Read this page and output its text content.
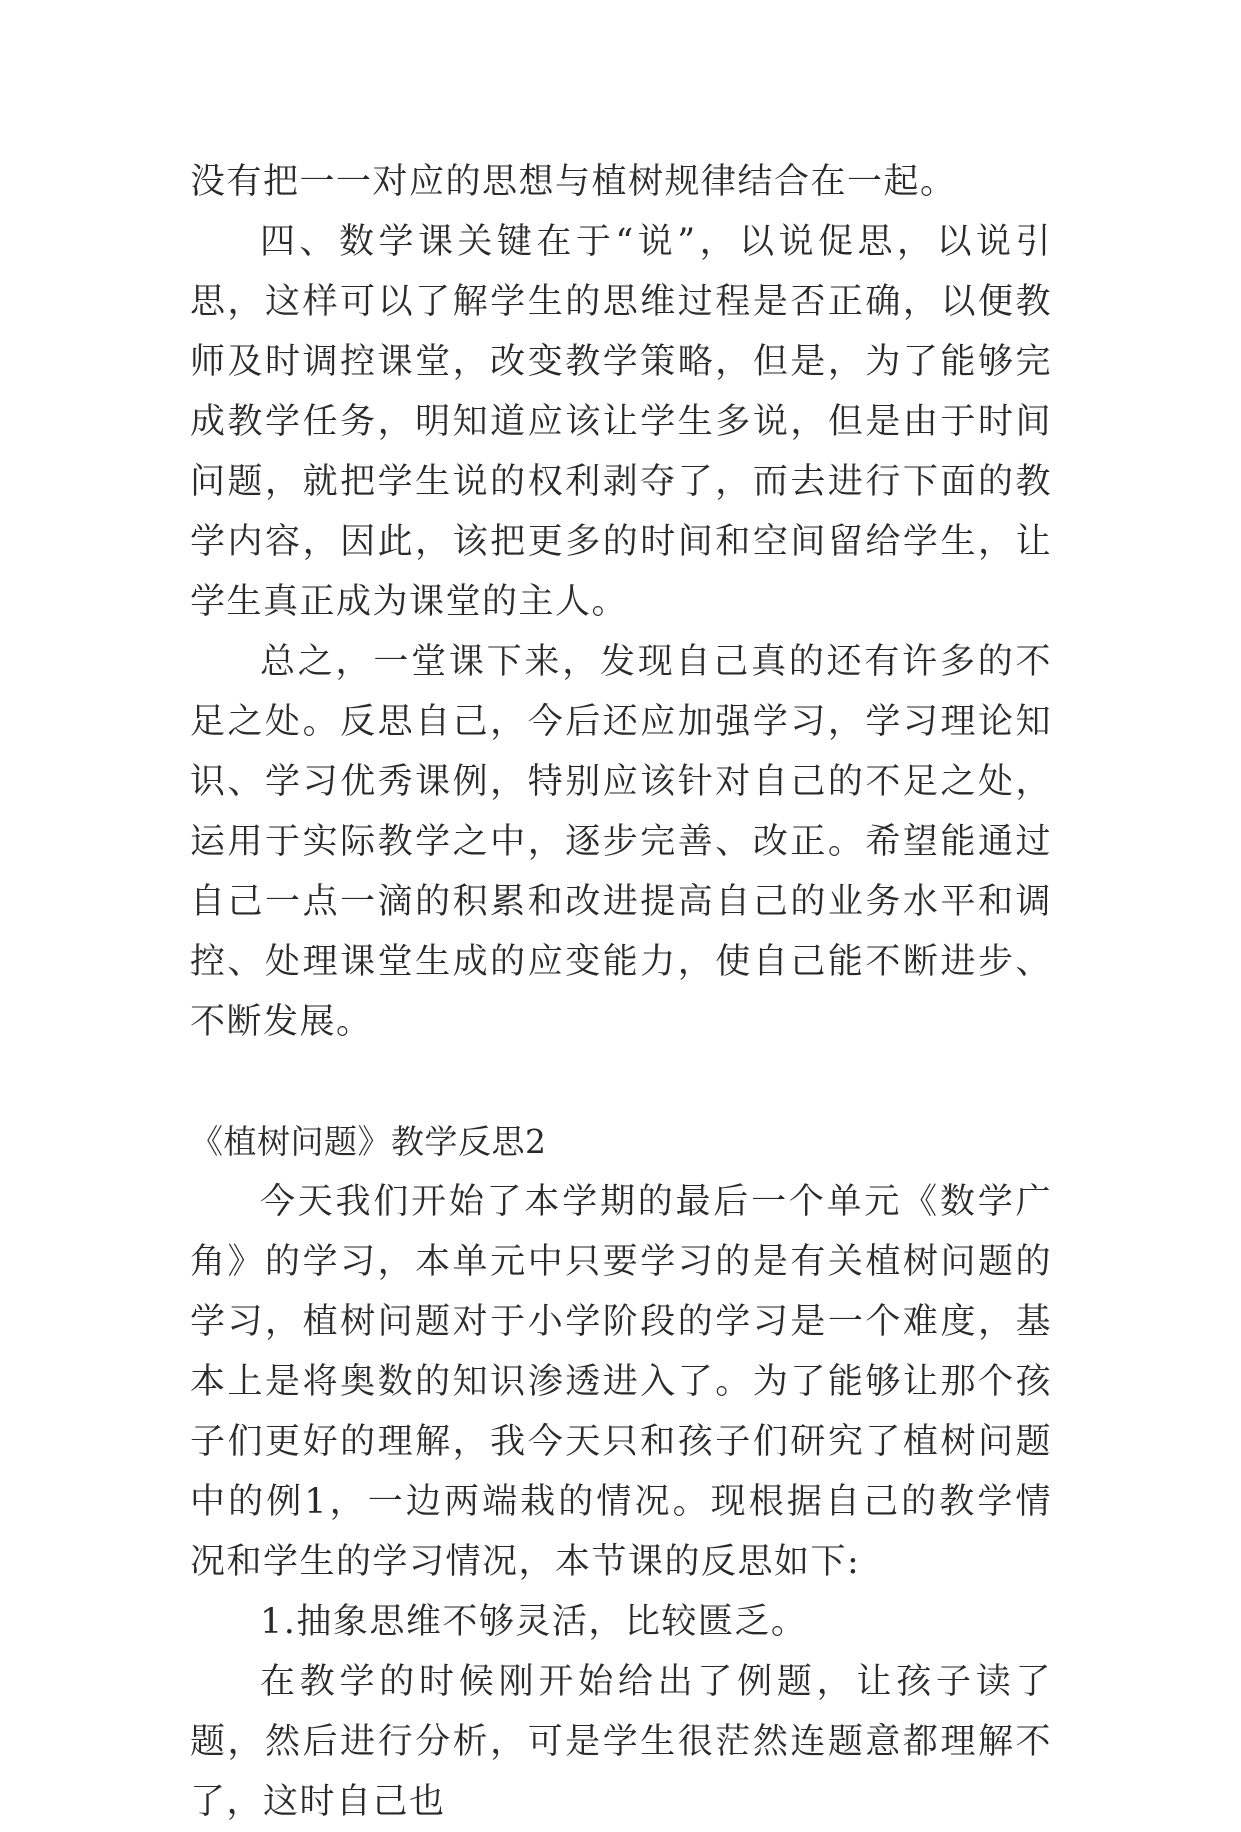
没有把一一对应的思想与植树规律结合在一起。

四、数学课关键在于“说”，以说促思，以说引思，这样可以了解学生的思维过程是否正确，以便教师及时调控课堂，改变教学策略，但是，为了能够完成教学任务，明知道应该让学生多说，但是由于时间问题，就把学生说的权利剥夺了，而去进行下面的教学内容，因此，该把更多的时间和空间留给学生，让学生真正成为课堂的主人。

总之，一堂课下来，发现自己真的还有许多的不足之处。反思自己，今后还应加强学习，学习理论知识、学习优秀课例，特别应该针对自己的不足之处，运用于实际教学之中，逐步完善、改正。希望能通过自己一点一滴的积累和改进提高自己的业务水平和调控、处理课堂生成的应变能力，使自己能不断进步、不断发展。

《植树问题》教学反思2

今天我们开始了本学期的最后一个单元《数学广角》的学习，本单元中只要学习的是有关植树问题的学习，植树问题对于小学阶段的学习是一个难度，基本上是将奥数的知识渗透进入了。为了能够让那个孩子们更好的理解，我今天只和孩子们研究了植树问题中的例1，一边两端栽的情况。现根据自己的教学情况和学生的学习情况，本节课的反思如下:

1.抽象思维不够灵活，比较匮乏。

在教学的时候刚开始给出了例题，让孩子读了题，然后进行分析，可是学生很茫然连题意都理解不了，这时自己也
